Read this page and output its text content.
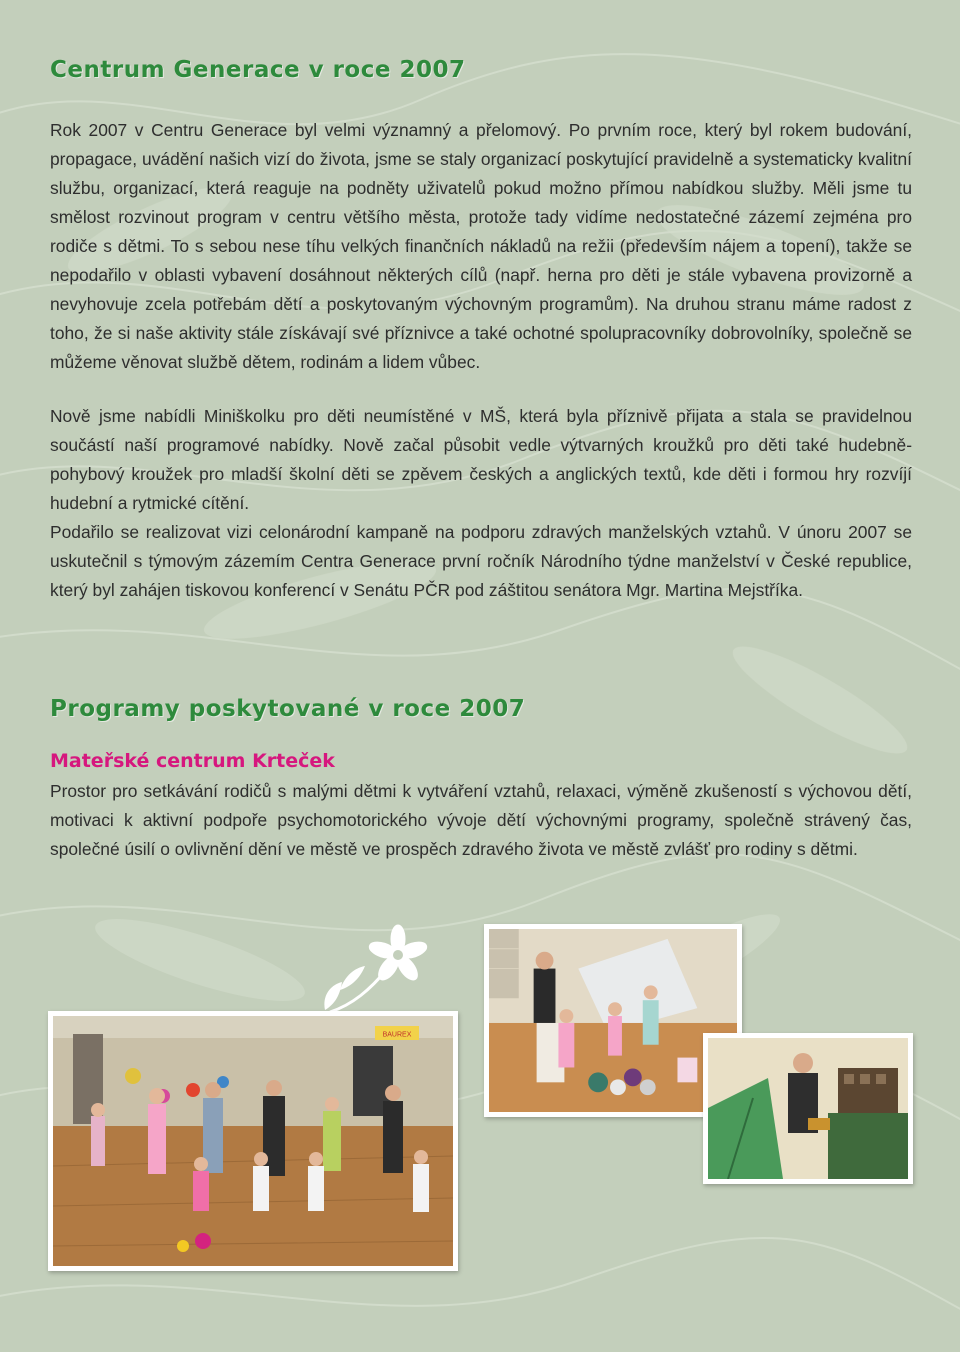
Centrum Generace v roce 2007

Rok 2007 v Centru Generace byl velmi významný a přelomový. Po prvním roce, který byl rokem budování, propagace, uvádění našich vizí do života, jsme se staly organizací poskytující pravidelně a systematicky kvalitní službu, organizací, která reaguje na podněty uživatelů pokud možno přímou nabídkou služby. Měli jsme tu smělost rozvinout program v centru většího města, protože tady vidíme nedostatečné zázemí zejména pro rodiče s dětmi. To s sebou nese tíhu velkých finančních nákladů na režii (především nájem a topení), takže se nepodařilo v oblasti vybavení dosáhnout některých cílů (např. herna pro děti je stále vybavena provizorně a nevyhovuje zcela potřebám dětí a poskytovaným výchovným programům). Na druhou stranu máme radost z toho, že si naše aktivity stále získávají své příznivce a také ochotné spolupracovníky dobrovolníky, společně se můžeme věnovat službě dětem, rodinám a lidem vůbec.

Nově jsme nabídli Miniškolku pro děti neumístěné v MŠ, která byla příznivě přijata a stala se pravidelnou součástí naší programové nabídky. Nově začal působit vedle výtvarných kroužků pro děti také hudebně-pohybový kroužek pro mladší školní děti se zpěvem českých a anglických textů, kde děti i formou hry rozvíjí hudební a rytmické cítění.

Podařilo se realizovat vizi celonárodní kampaně na podporu zdravých manželských vztahů. V únoru 2007 se uskutečnil s týmovým zázemím Centra Generace první ročník Národního týdne manželství v České republice, který byl zahájen tiskovou konferencí v Senátu PČR pod záštitou senátora Mgr. Martina Mejstříka.

Programy poskytované v roce 2007
Mateřské centrum Krteček

Prostor pro setkávání rodičů s malými dětmi k vytváření vztahů, relaxaci, výměně zkušeností s výchovou dětí, motivaci k aktivní podpoře psychomotorického vývoje dětí výchovnými programy, společně strávený čas, společné úsilí o ovlivnění dění ve městě ve prospěch zdravého života ve městě zvlášť pro rodiny s dětmi.

BAUREX
